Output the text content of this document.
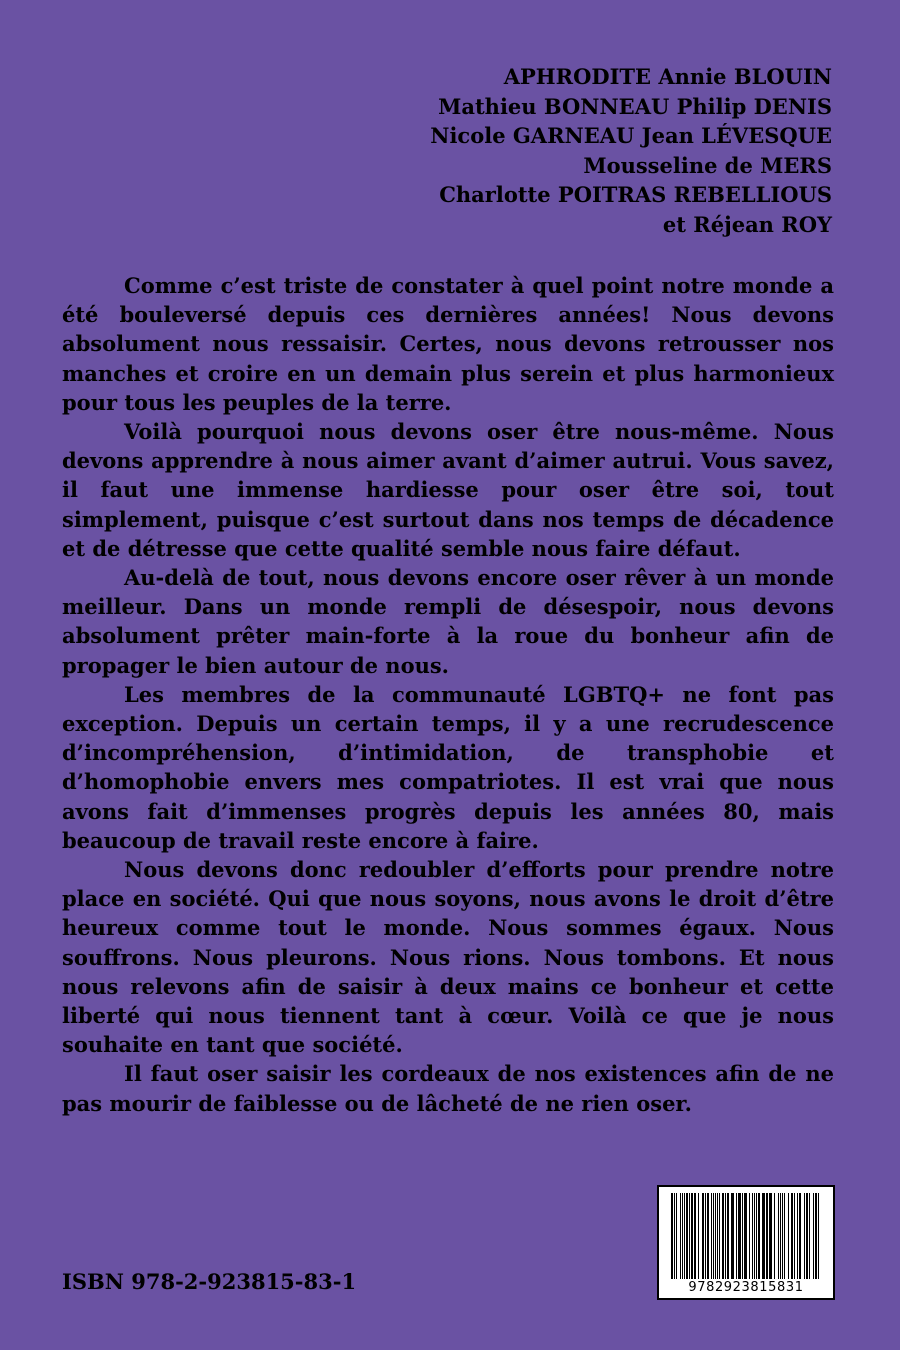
APHRODITE Annie BLOUIN
Mathieu BONNEAU Philip DENIS
Nicole GARNEAU Jean LÉVESQUE
Mousseline de MERS
Charlotte POITRAS REBELLIOUS
et Réjean ROY

Comme c’est triste de constater à quel point notre monde a été bouleversé depuis ces dernières années! Nous devons absolument nous ressaisir. Certes, nous devons retrousser nos manches et croire en un demain plus serein et plus harmonieux pour tous les peuples de la terre.

Voilà pourquoi nous devons oser être nous-même. Nous devons apprendre à nous aimer avant d’aimer autrui. Vous savez, il faut une immense hardiesse pour oser être soi, tout simplement, puisque c’est surtout dans nos temps de décadence et de détresse que cette qualité semble nous faire défaut.

Au-delà de tout, nous devons encore oser rêver à un monde meilleur. Dans un monde rempli de désespoir, nous devons absolument prêter main-forte à la roue du bonheur afin de propager le bien autour de nous.

Les membres de la communauté LGBTQ+ ne font pas exception. Depuis un certain temps, il y a une recrudescence d’incompréhension, d’intimidation, de transphobie et d’homophobie envers mes compatriotes. Il est vrai que nous avons fait d’immenses progrès depuis les années 80, mais beaucoup de travail reste encore à faire.

Nous devons donc redoubler d’efforts pour prendre notre place en société. Qui que nous soyons, nous avons le droit d’être heureux comme tout le monde. Nous sommes égaux. Nous souffrons. Nous pleurons. Nous rions. Nous tombons. Et nous nous relevons afin de saisir à deux mains ce bonheur et cette liberté qui nous tiennent tant à cœur. Voilà ce que je nous souhaite en tant que société.

Il faut oser saisir les cordeaux de nos existences afin de ne pas mourir de faiblesse ou de lâcheté de ne rien oser.

ISBN 978-2-923815-83-1	9782923815831
